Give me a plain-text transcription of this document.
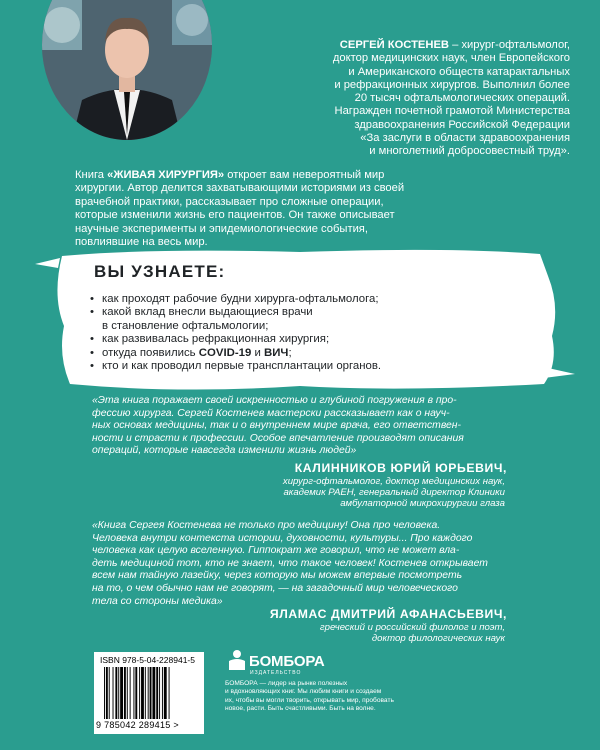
СЕРГЕЙ КОСТЕНЕВ – хирург-офтальмолог,

доктор медицинских наук, член Европейского

и Американского обществ катарактальных

и рефракционных хирургов. Выполнил более

20 тысяч офтальмологических операций.

Награжден почетной грамотой Министерства

здравоохранения Российской Федерации

«За заслуги в области здравоохранения

и многолетний добросовестный труд».

Книга «ЖИВАЯ ХИРУРГИЯ» откроет вам невероятный мир
хирургии. Автор делится захватывающими историями из своей
врачебной практики, рассказывает про сложные операции,
которые изменили жизнь его пациентов. Он также описывает
научные эксперименты и эпидемиологические события,
повлиявшие на весь мир.
ВЫ УЗНАЕТЕ:
• как проходят рабочие будни хирурга-офтальмолога;
• какой вклад внесли выдающиеся врачи
в становление офтальмологии;
• как развивалась рефракционная хирургия;
• откуда появились COVID-19 и ВИЧ;
• кто и как проводил первые трансплантации органов.
«Эта книга поражает своей искренностью и глубиной погружения в про-
фессию хирурга. Сергей Костенев мастерски рассказывает как о науч-
ных основах медицины, так и о внутреннем мире врача, его ответствен-
ности и страсти к профессии. Особое впечатление производят описания
операций, которые навсегда изменили жизнь людей»
КАЛИННИКОВ ЮРИЙ ЮРЬЕВИЧ,
хирург-офтальмолог, доктор медицинских наук,
академик РАЕН, генеральный директор Клиники
амбулаторной микрохирургии глаза
«Книга Сергея Костенева не только про медицину! Она про человека.
Человека внутри контекста истории, духовности, культуры... Про каждого
человека как целую вселенную. Гиппократ же говорил, что не может вла-
деть медициной тот, кто не знает, что такое человек! Костенев открывает
всем нам тайную лазейку, через которую мы можем впервые посмотреть
на то, о чем обычно нам не говорят, — на загадочный мир человеческого
тела со стороны медика»
ЯЛАМАС ДМИТРИЙ АФАНАСЬЕВИЧ,
греческий и российский филолог и поэт,
доктор филологических наук
ISBN 978-5-04-228941-5
9 785042 289415 >
БОМБОРА
ИЗДАТЕЛЬСТВО
БОМБОРА — лидер на рынке полезных
и вдохновляющих книг. Мы любим книги и создаем
их, чтобы вы могли творить, открывать мир, пробовать
новое, расти. Быть счастливыми. Быть на волне.
